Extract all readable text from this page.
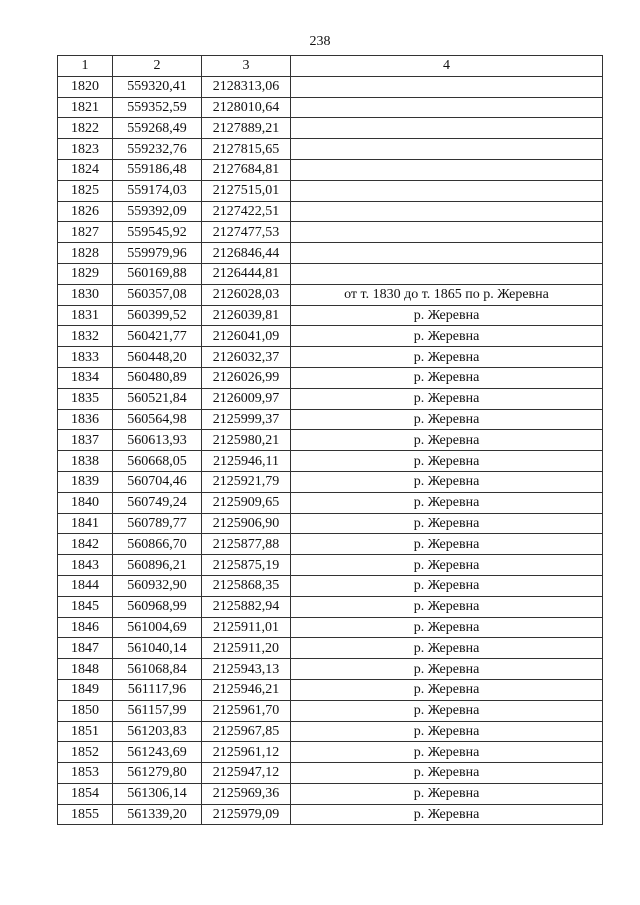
238
1	2	3	4
1820	559320,41	2128313,06	
1821	559352,59	2128010,64	
1822	559268,49	2127889,21	
1823	559232,76	2127815,65	
1824	559186,48	2127684,81	
1825	559174,03	2127515,01	
1826	559392,09	2127422,51	
1827	559545,92	2127477,53	
1828	559979,96	2126846,44	
1829	560169,88	2126444,81	
1830	560357,08	2126028,03	от т. 1830 до т. 1865 по р. Жеревна
1831	560399,52	2126039,81	р. Жеревна
1832	560421,77	2126041,09	р. Жеревна
1833	560448,20	2126032,37	р. Жеревна
1834	560480,89	2126026,99	р. Жеревна
1835	560521,84	2126009,97	р. Жеревна
1836	560564,98	2125999,37	р. Жеревна
1837	560613,93	2125980,21	р. Жеревна
1838	560668,05	2125946,11	р. Жеревна
1839	560704,46	2125921,79	р. Жеревна
1840	560749,24	2125909,65	р. Жеревна
1841	560789,77	2125906,90	р. Жеревна
1842	560866,70	2125877,88	р. Жеревна
1843	560896,21	2125875,19	р. Жеревна
1844	560932,90	2125868,35	р. Жеревна
1845	560968,99	2125882,94	р. Жеревна
1846	561004,69	2125911,01	р. Жеревна
1847	561040,14	2125911,20	р. Жеревна
1848	561068,84	2125943,13	р. Жеревна
1849	561117,96	2125946,21	р. Жеревна
1850	561157,99	2125961,70	р. Жеревна
1851	561203,83	2125967,85	р. Жеревна
1852	561243,69	2125961,12	р. Жеревна
1853	561279,80	2125947,12	р. Жеревна
1854	561306,14	2125969,36	р. Жеревна
1855	561339,20	2125979,09	р. Жеревна
